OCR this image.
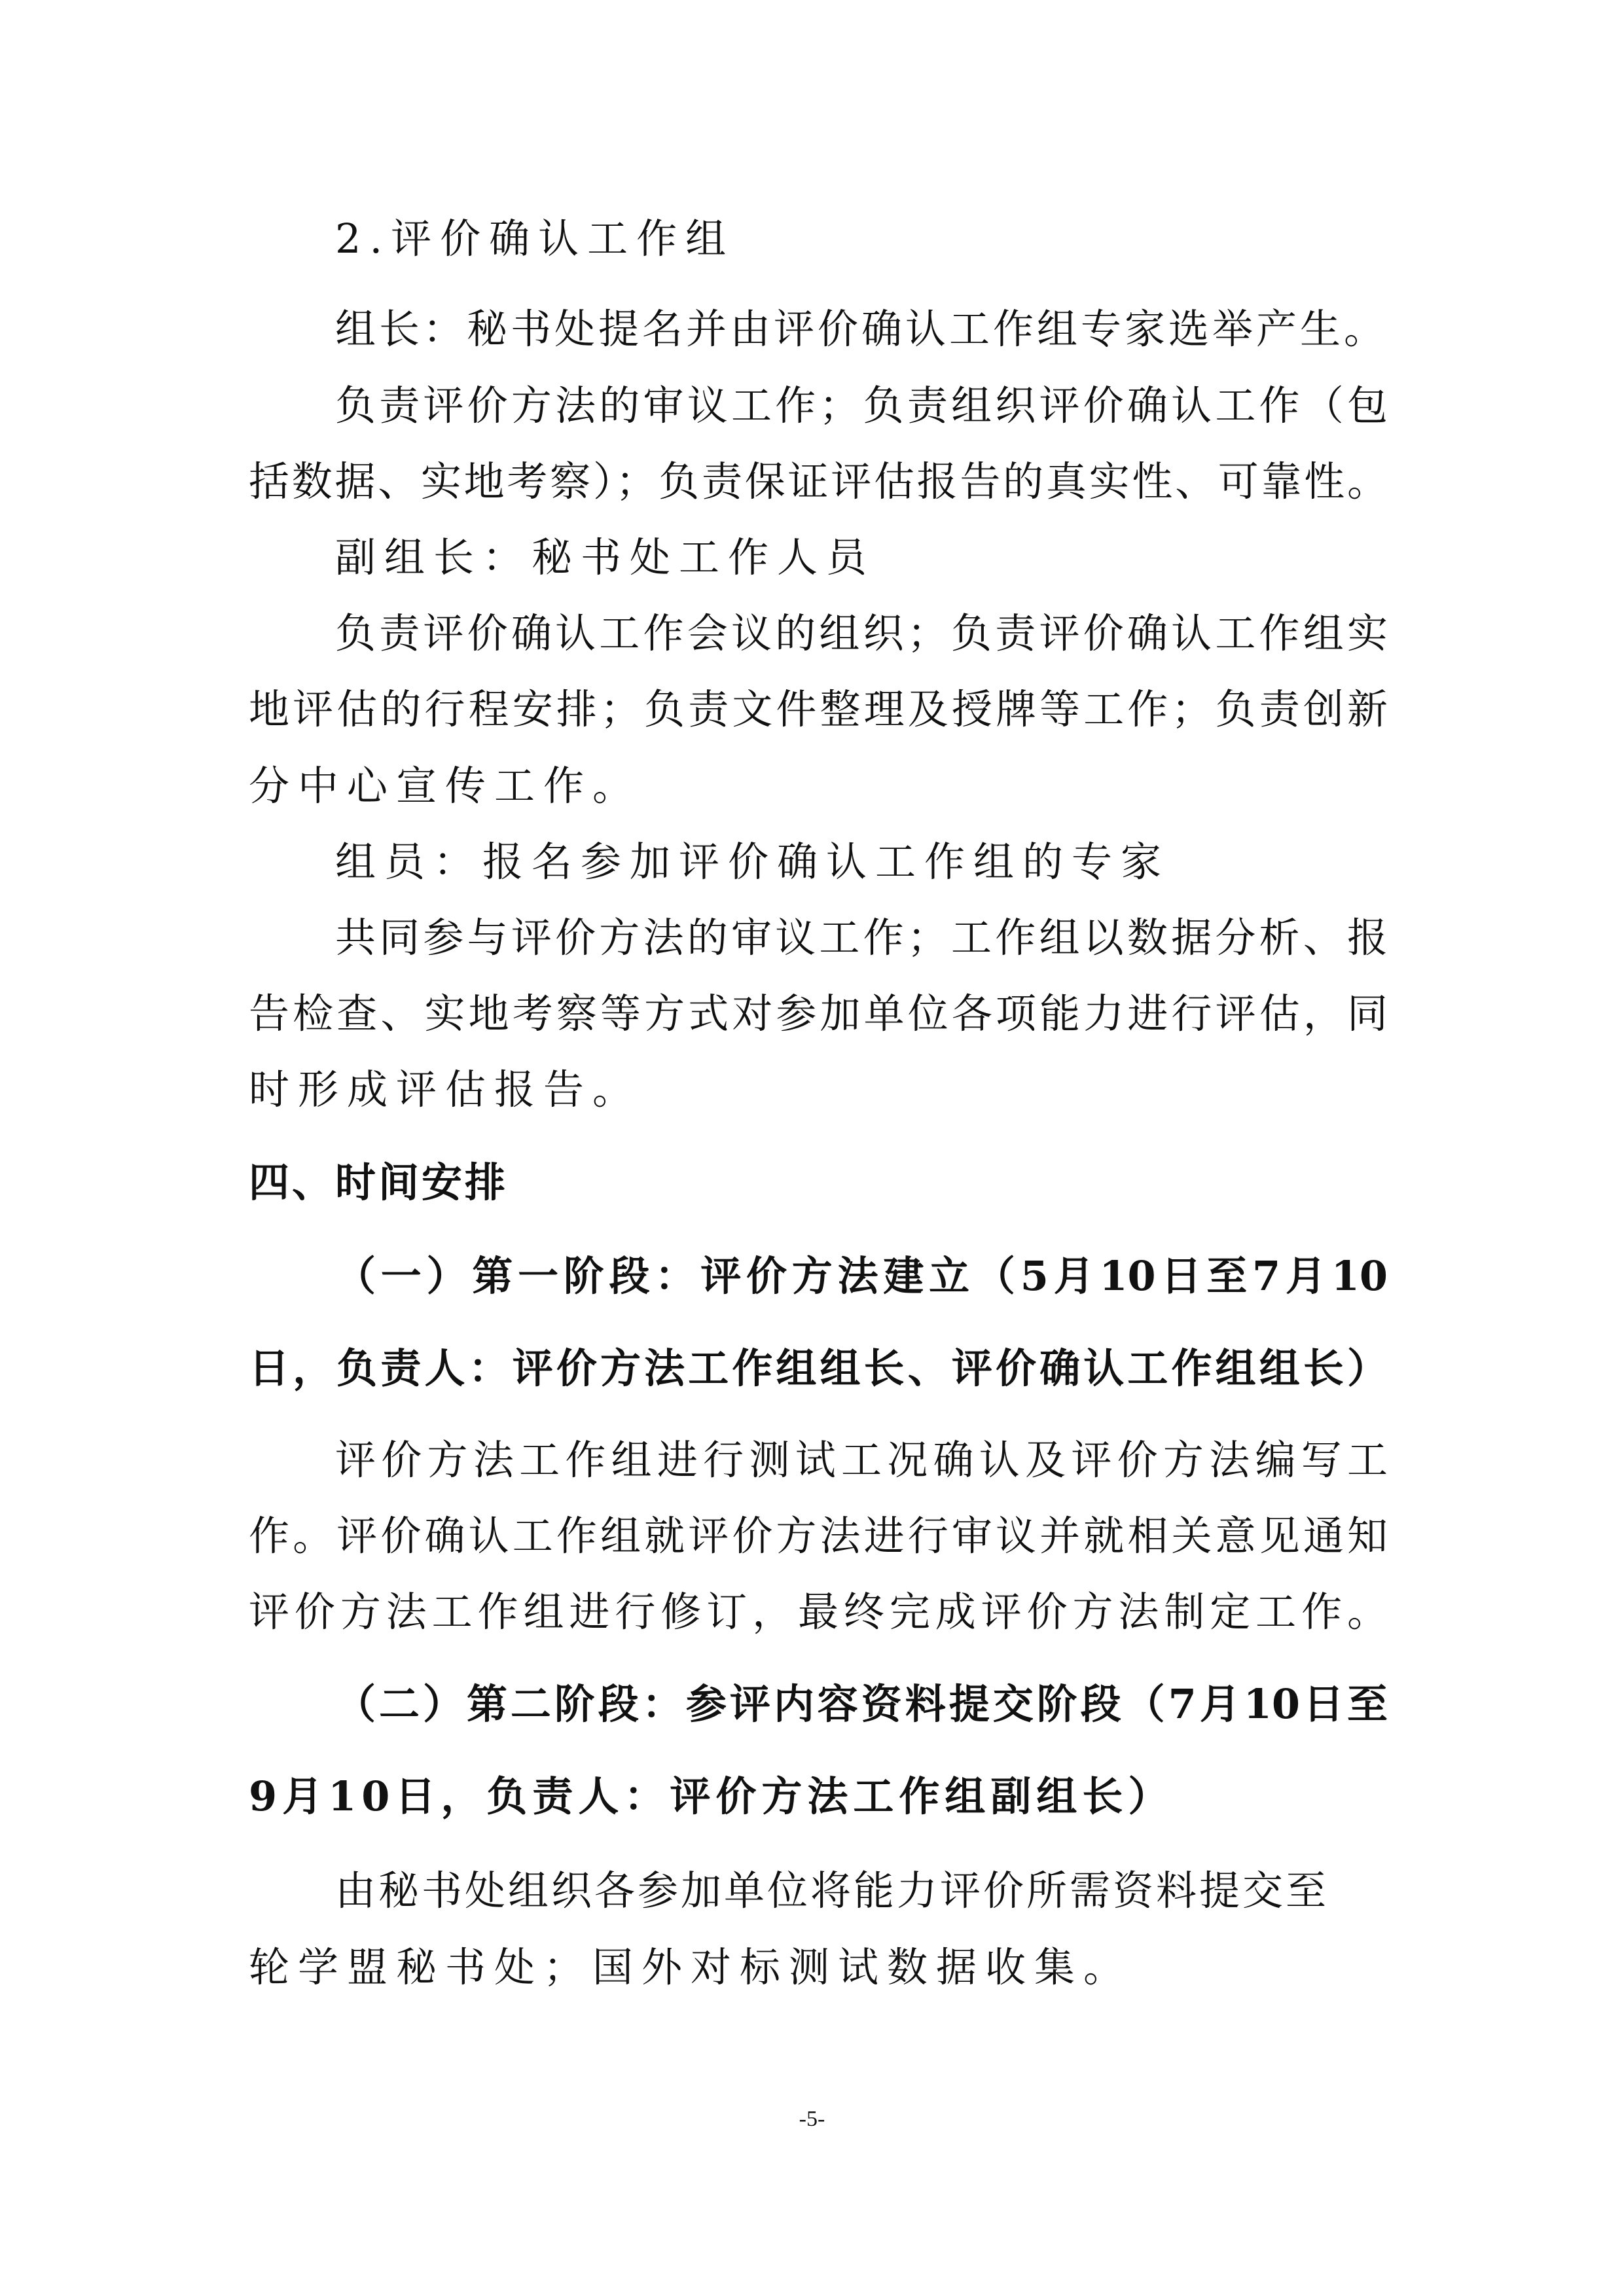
2.评价确认工作组

组长：秘书处提名并由评价确认工作组专家选举产生。

负责评价方法的审议工作；负责组织评价确认工作（包

括数据、实地考察）；负责保证评估报告的真实性、可靠性。

副组长：秘书处工作人员

负责评价确认工作会议的组织；负责评价确认工作组实

地评估的行程安排；负责文件整理及授牌等工作；负责创新

分中心宣传工作。

组员：报名参加评价确认工作组的专家

共同参与评价方法的审议工作；工作组以数据分析、报

告检查、实地考察等方式对参加单位各项能力进行评估，同

时形成评估报告。

四、时间安排

（一）第一阶段：评价方法建立（5月10日至7月10

日，负责人：评价方法工作组组长、评价确认工作组组长）

评价方法工作组进行测试工况确认及评价方法编写工

作。评价确认工作组就评价方法进行审议并就相关意见通知

评价方法工作组进行修订，最终完成评价方法制定工作。

（二）第二阶段：参评内容资料提交阶段（7月10日至

9月10日，负责人：评价方法工作组副组长）

由秘书处组织各参加单位将能力评价所需资料提交至

轮学盟秘书处；国外对标测试数据收集。

-5-
